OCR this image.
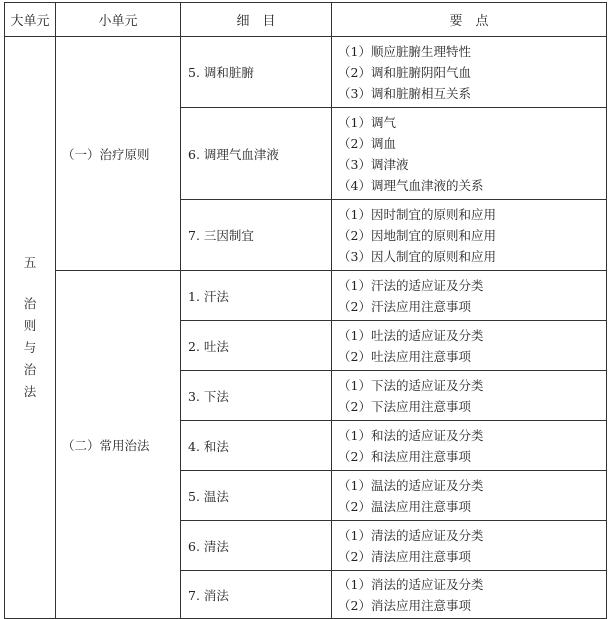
大单元	小单元	细　目	要　点

五
治则与治法	（一）治疗原则	5. 调和脏腑	（1）顺应脏腑生理特性
（2）调和脏腑阴阳气血
（3）调和脏腑相互关系

		6. 调理气血津液	（1）调气
（2）调血
（3）调津液
（4）调理气血津液的关系

		7. 三因制宜	（1）因时制宜的原则和应用
（2）因地制宜的原则和应用
（3）因人制宜的原则和应用

	（二）常用治法	1. 汗法	（1）汗法的适应证及分类
（2）汗法应用注意事项

		2. 吐法	（1）吐法的适应证及分类
（2）吐法应用注意事项

		3. 下法	（1）下法的适应证及分类
（2）下法应用注意事项

		4. 和法	（1）和法的适应证及分类
（2）和法应用注意事项

		5. 温法	（1）温法的适应证及分类
（2）温法应用注意事项

		6. 清法	（1）清法的适应证及分类
（2）清法应用注意事项

		7. 消法	（1）消法的适应证及分类
（2）消法应用注意事项
